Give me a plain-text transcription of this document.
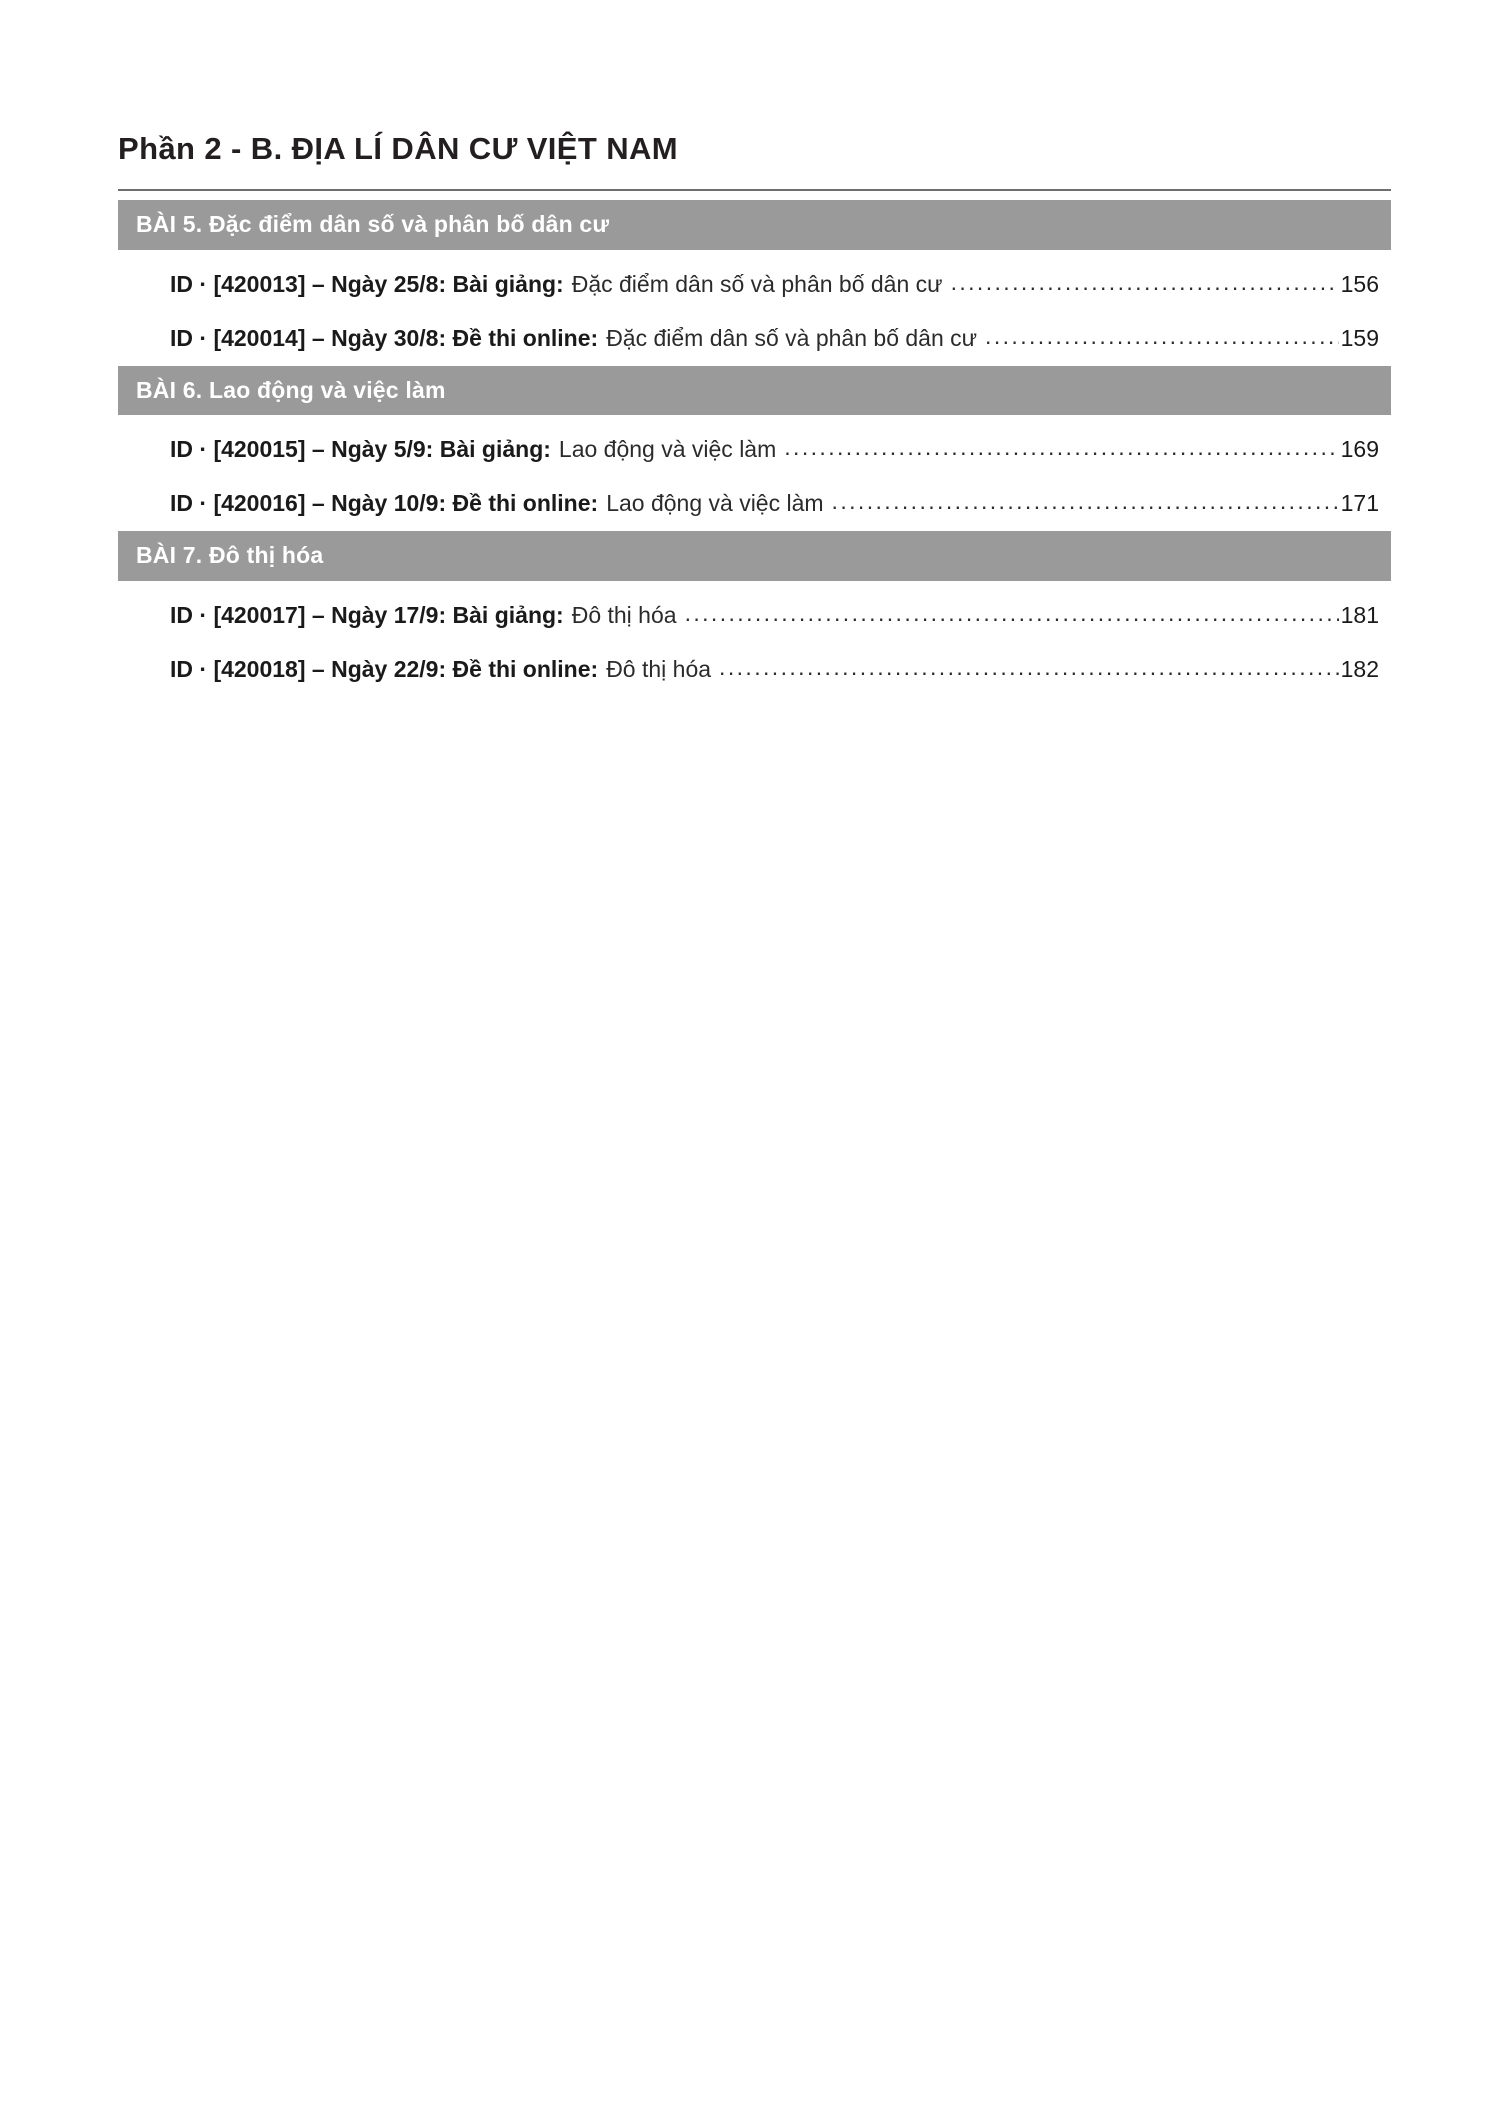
Phần 2 - B. ĐỊA LÍ DÂN CƯ VIỆT NAM
BÀI 5. Đặc điểm dân số và phân bố dân cư
ID · [420013] – Ngày 25/8: Bài giảng: Đặc điểm dân số và phân bố dân cư .....	156
ID · [420014] – Ngày 30/8: Đề thi online: Đặc điểm dân số và phân bố dân cư .....	159
BÀI 6. Lao động và việc làm
ID · [420015] – Ngày 5/9: Bài giảng: Lao động và việc làm .....	169
ID · [420016] – Ngày 10/9: Đề thi online: Lao động và việc làm .....	171
BÀI 7. Đô thị hóa
ID · [420017] – Ngày 17/9: Bài giảng: Đô thị hóa .....	181
ID · [420018] – Ngày 22/9: Đề thi online: Đô thị hóa .....	182
